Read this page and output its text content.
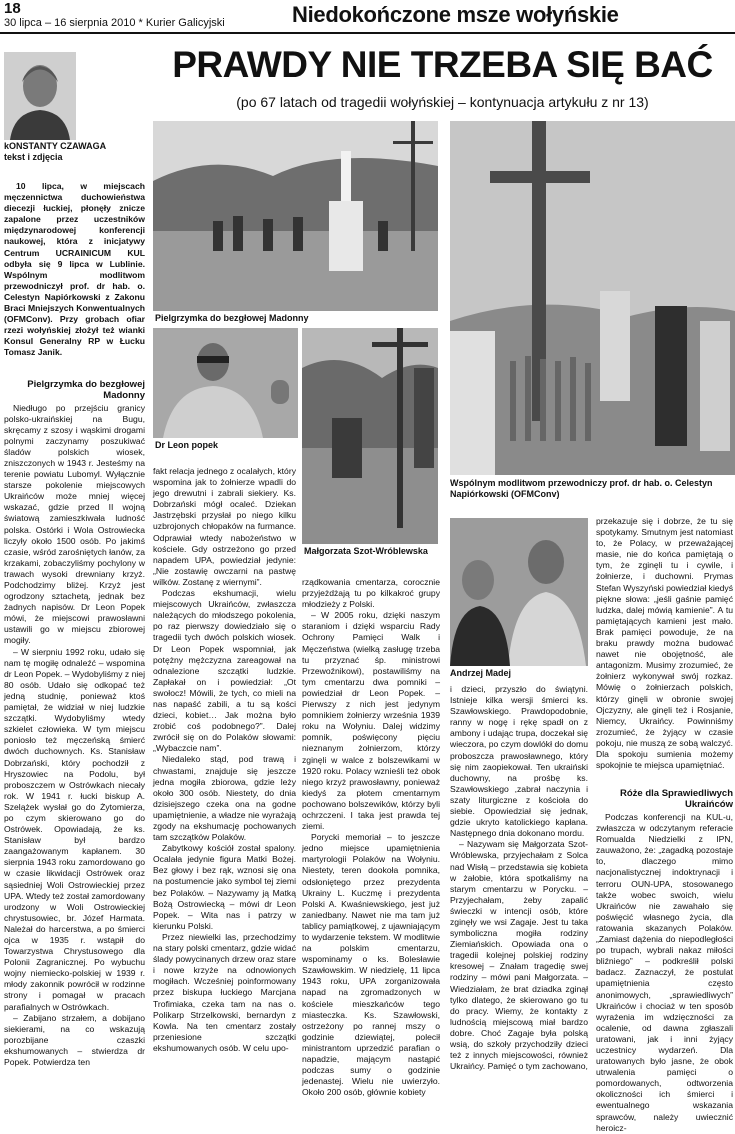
18
30 lipca – 16 sierpnia 2010 * Kurier Galicyjski	Niedokończone msze wołyńskie
PRAWDY NIE TRZEBA SIĘ BAĆ
(po 67 latach od tragedii wołyńskiej – kontynuacja artykułu z nr 13)
kONSTANTY CZAWAGA
tekst i zdjęcia

10 lipca, w miejscach męczennictwa duchowieństwa diecezji łuckiej, płonęły znicze zapalone przez uczestników międzynarodowej konferencji naukowej, która z inicjatywy Centrum UCRAINICUM KUL odbyła się 9 lipca w Lublinie. Wspólnym modlitwom przewodniczył prof. dr hab. o. Celestyn Napiórkowski z Zakonu Braci Mniejszych Konwentualnych (OFMConv). Przy grobach ofiar rzezi wołyńskiej złożył też wianki Konsul Generalny RP w Łucku Tomasz Janik.

Pielgrzymka do bezgłowej Madonny

Niedługo po przejściu granicy polsko-ukraińskiej na Bugu, skręcamy z szosy i wąskimi drogami polnymi zaczynamy poszukiwać śladów polskich wiosek, zniszczonych w 1943 r. Jesteśmy na terenie powiatu Lubomyl. Wyłącznie starsze pokolenie miejscowych Ukraińców może mniej więcej wskazać, gdzie przed II wojną światową zamieszkiwała ludność polska. Ostórki i Wola Ostrowiecka liczyły około 1500 osób. Po jakimś czasie, wśród zarośniętych łanów, za krzakami, zobaczyliśmy pochylony w trawach wysoki drewniany krzyż. Podchodzimy bliżej. Krzyż jest ogrodzony sztachetą, jednak bez żadnych napisów. Dr Leon Popek mówi, że miejscowi prawosławni ustawili go w miejscu zbiorowej mogiły.

– W sierpniu 1992 roku, udało się nam tę mogiłę odnaleźć – wspomina dr Leon Popek. – Wydobyliśmy z niej 80 osób. Udało się odkopać też jedną studnię, ponieważ ktoś pamiętał, że widział w niej ludzkie szczątki. Wydobyliśmy wtedy szkielet człowieka. W tym miejscu poniosło też męczeńską śmierć dwóch duchownych. Ks. Stanisław Dobrzański, który pochodził z Hryszowiec na Podolu, był proboszczem w Ostrówkach niecały rok. W 1941 r. łucki biskup A. Szelążek wysłał go do Żytomierza, po czym skierowano go do Ostrówek. Opowiadają, że ks. Stanisław był bardzo zaangażowanym kapłanem. 30 sierpnia 1943 roku zamordowano go w czasie likwidacji Ostrówek oraz sąsiedniej Woli Ostrowieckiej przez UPA. Wtedy też został zamordowany urodzony w Woli Ostrowieckiej chrystusowiec, br. Józef Harmata. Należał do harcerstwa, a po śmierci ojca w 1935 r. wstąpił do Towarzystwa Chrystusowego dla Polonii Zagranicznej. Po wybuchu wojny niemiecko-polskiej w 1939 r. młody zakonnik powrócił w rodzinne strony i pomagał w pracach parafialnych w Ostrówkach.

– Zabijano strzałem, a dobijano siekierami, na co wskazują porozbijane czaszki ekshumowanych – stwierdza dr Popek. Potwierdza ten

Pielgrzymka do bezgłowej Madonny
Dr Leon popek
Małgorzata Szot-Wróblewska

fakt relacja jednego z ocalałych, który wspomina jak to żołnierze wpadli do jego drewutni i zabrali siekiery. Ks. Dobrzański mógł ocaleć. Dziekan Jastrzębski przysłał po niego kilku uzbrojonych chłopaków na furmance. Odprawiał wtedy nabożeństwo w kościele. Gdy ostrzeżono go przed napadem UPA, powiedział jedynie: „Nie zostawię owczarni na pastwę wilków. Zostanę z wiernymi”.

Podczas ekshumacji, wielu miejscowych Ukraińców, zwłaszcza należących do młodszego pokolenia, po raz pierwszy dowiedziało się o tragedii tych dwóch polskich wiosek. Dr Leon Popek wspomniał, jak potężny mężczyzna zareagował na odnalezione szczątki ludzkie. Zapłakał on i powiedział: „Ot swołocz! Mówili, że tych, co mieli na nas napaść zabili, a tu są kości dzieci, kobiet… Jak można było zrobić coś podobnego?”. Dalej zwrócił się on do Polaków słowami: „Wybaczcie nam”.

Niedaleko stąd, pod trawą i chwastami, znajduje się jeszcze jedna mogiła zbiorowa, gdzie leży około 300 osób. Niestety, do dnia dzisiejszego czeka ona na godne upamiętnienie, a władze nie wyrażają zgody na ekshumację pochowanych tam szczątków Polaków.

Zabytkowy kościół został spalony. Ocalała jedynie figura Matki Bożej. Bez głowy i bez rąk, wznosi się ona na postumencie jako symbol tej ziemi bez Polaków. – Nazywamy ją Matką Bożą Ostrowiecką – mówi dr Leon Popek. – Wita nas i patrzy w kierunku Polski.

Przez niewielki las, przechodzimy na stary polski cmentarz, gdzie widać ślady powycinanych drzew oraz stare i nowe krzyże na odnowionych mogiłach. Wcześniej poinformowany przez biskupa łuckiego Marcjana Trofimiaka, czeka tam na nas o. Polikarp Strzelkowski, bernardyn z Kowla. Na ten cmentarz zostały przeniesione szczątki ekshumowanych osób. W celu upo-

rządkowania cmentarza, corocznie przyjeżdżają tu po kilkakroć grupy młodzieży z Polski.

– W 2005 roku, dzięki naszym staraniom i dzięki wsparciu Rady Ochrony Pamięci Walk i Męczeństwa (wielką zasługę trzeba tu przyznać śp. ministrowi Przewoźnikowi), postawiliśmy na tym cmentarzu dwa pomniki – powiedział dr Leon Popek. – Pierwszy z nich jest jedynym pomnikiem żołnierzy września 1939 roku na Wołyniu. Dalej widzimy pomnik, poświęcony pięciu nieznanym żołnierzom, którzy zginęli w walce z bolszewikami w 1920 roku. Polacy wznieśli też obok niego krzyż prawosławny, ponieważ kiedyś za płotem cmentarnym pochowano bolszewików, którzy byli ochrzczeni. I taka jest prawda tej ziemi.

Porycki memoriał – to jeszcze jedno miejsce upamiętnienia martyrologii Polaków na Wołyniu. Niestety, teren dookoła pomnika, odsłoniętego przez prezydenta Ukrainy L. Kuczmę i prezydenta Polski A. Kwaśniewskiego, jest już zaniedbany. Nawet nie ma tam już tablicy pamiątkowej, z ujawniającym to wydarzenie tekstem. W modlitwie na polskim cmentarzu, wspominamy o ks. Bolesławie Szawłowskim. W niedzielę, 11 lipca 1943 roku, UPA zorganizowała napad na zgromadzonych w kościele mieszkańców tego miasteczka. Ks. Szawłowski, ostrzeżony po rannej mszy o godzinie dziewiątej, polecił ministrantom uprzedzić parafian o napadzie, mającym nastąpić podczas sumy o godzinie jedenastej. Wielu nie uwierzyło. Około 200 osób, głównie kobiety

Wspólnym modlitwom przewodniczy prof. dr hab. o. Celestyn Napiórkowski (OFMConv)
Andrzej Madej

i dzieci, przyszło do świątyni. Istnieje kilka wersji śmierci ks. Szawłowskiego. Prawdopodobnie, ranny w nogę i rękę spadł on z ambony i udając trupa, doczekał się wieczora, po czym dowlókł do domu proboszcza prawosławnego, który się nim zaopiekował. Ten ukraiński duchowny, na prośbę ks. Szawłowskiego ,zabrał naczynia i szaty liturgiczne z kościoła do siebie. Opowiedział się jednak, gdzie ukryto katolickiego kapłana. Następnego dnia dokonano mordu.

– Nazywam się Małgorzata Szot-Wróblewska, przyjechałam z Solca nad Wisłą – przedstawia się kobieta w żałobie, która spotkaliśmy na starym cmentarzu w Porycku. – Przyjechałam, żeby zapalić świeczki w intencji osób, które zginęły we wsi Zagaje. Jest tu taka symboliczna mogiła rodziny Ziemiańskich. Opowiada ona o tragedii kolejnej polskiej rodziny kresowej – Znałam tragedię swej rodziny – mówi pani Małgorzata. – Wiedziałam, że brat dziadka zginął tylko dlatego, że skierowano go tu do pracy. Wiemy, że kontakty z ludnością miejscową miał bardzo dobre. Choć Zagaje była polską wsią, do szkoły przychodziły dzieci też z innych miejscowości, również Ukraińcy. Pamięć o tym zachowano,

przekazuje się i dobrze, że tu się spotykamy. Smutnym jest natomiast to, że Polacy, w przeważającej masie, nie do końca pamiętają o tym, że zginęli tu i cywile, i żołnierze, i duchowni. Prymas Stefan Wyszyński powiedział kiedyś piękne słowa: „jeśli gaśnie pamięć ludzka, dalej mówią kamienie”. A tu pamiętających kamieni jest mało. Brak pamięci powoduje, że na braku prawdy można budować nawet nie obojętność, ale antagonizm. Musimy zrozumieć, że żołnierz wykonywał swój rozkaz. Mówię o żołnierzach polskich, którzy ginęli w obronie swojej Ojczyzny, ale ginęli też i Rosjanie, Niemcy, Ukraińcy. Powinniśmy zrozumieć, że żyjący w czasie pokoju, nie muszą ze sobą walczyć. Dla spokoju sumienia możemy spokojnie te miejsca upamiętniać.

Róże dla Sprawiedliwych Ukraińców

Podczas konferencji na KUL-u, zwłaszcza w odczytanym referacie Romualda Niedzielki z IPN, zauważono, że: „zagadką pozostaje to, dlaczego mimo nacjonalistycznej indoktrynacji i terroru OUN-UPA, stosowanego także wobec swoich, wielu Ukraińców nie zawahało się poświęcić własnego życia, dla ratowania skazanych Polaków. „Zamiast dążenia do niepodległości po trupach, wybrali nakaz miłości bliźniego” – podkreślił polski badacz. Zaznaczył, że postulat upamiętnienia często anonimowych, „sprawiedliwych” Ukraińców i chociaż w ten sposób wyrażenia im wdzięczności za ocalenie, od dawna zgłaszali uratowani, jak i inni żyjący uczestnicy wydarzeń. Dla uratowanych było jasne, że obok utrwalenia pamięci o pomordowanych, odtworzenia okoliczności ich śmierci i ewentualnego wskazania sprawców, należy uwiecznić heroicz-
